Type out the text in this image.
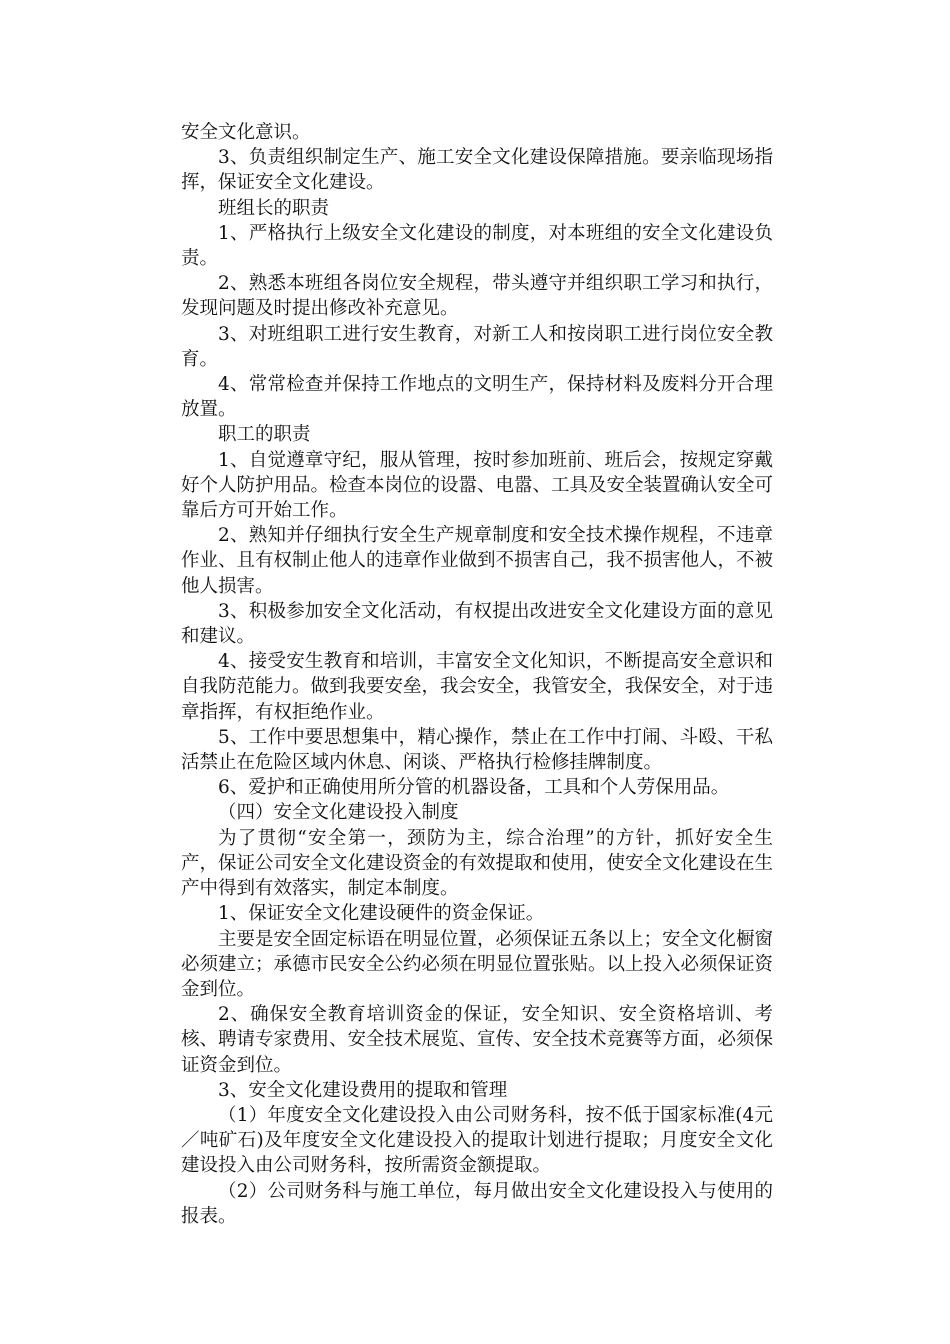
安全文化意识。

3、负责组织制定生产、施工安全文化建设保障措施。要亲临现场指挥，保证安全文化建设。

班组长的职责

1、严格执行上级安全文化建设的制度，对本班组的安全文化建设负责。

2、熟悉本班组各岗位安全规程，带头遵守并组织职工学习和执行，发现问题及时提出修改补充意见。

3、对班组职工进行安生教育，对新工人和按岗职工进行岗位安全教育。

4、常常检查并保持工作地点的文明生产，保持材料及废料分开合理放置。

职工的职责

1、自觉遵章守纪，服从管理，按时参加班前、班后会，按规定穿戴好个人防护用品。检查本岗位的设嚣、电嚣、工具及安全装置确认安全可靠后方可开始工作。

2、熟知并仔细执行安全生产规章制度和安全技术操作规程，不违章作业、且有权制止他人的违章作业做到不损害自己，我不损害他人，不被他人损害。

3、积极参加安全文化活动，有权提出改进安全文化建设方面的意见和建议。

4、接受安生教育和培训，丰富安全文化知识，不断提高安全意识和自我防范能力。做到我要安垒，我会安全，我管安全，我保安全，对于违章指挥，有权拒绝作业。

5、工作中要思想集中，精心操作，禁止在工作中打闹、斗殴、干私活禁止在危险区域内休息、闲谈、严格执行检修挂牌制度。

6、爱护和正确使用所分管的机器设备，工具和个人劳保用品。

（四）安全文化建设投入制度

为了贯彻“安全第一，颈防为主，综合治理”的方针，抓好安全生产，保证公司安全文化建设资金的有效提取和使用，使安全文化建设在生产中得到有效落实，制定本制度。

1、保证安全文化建设硬件的资金保证。

主要是安全固定标语在明显位置，必须保证五条以上；安全文化橱窗必须建立；承德市民安全公约必须在明显位置张贴。以上投入必须保证资金到位。

2、确保安全教育培训资金的保证，安全知识、安全资格培训、考核、聘请专家费用、安全技术展览、宣传、安全技术竞赛等方面，必须保证资金到位。

3、安全文化建设费用的提取和管理

（1）年度安全文化建设投入由公司财务科，按不低于国家标准(4元／吨矿石)及年度安全文化建设投入的提取计划进行提取；月度安全文化建设投入由公司财务科，按所需资金额提取。

（2）公司财务科与施工单位，每月做出安全文化建设投入与使用的报表。
